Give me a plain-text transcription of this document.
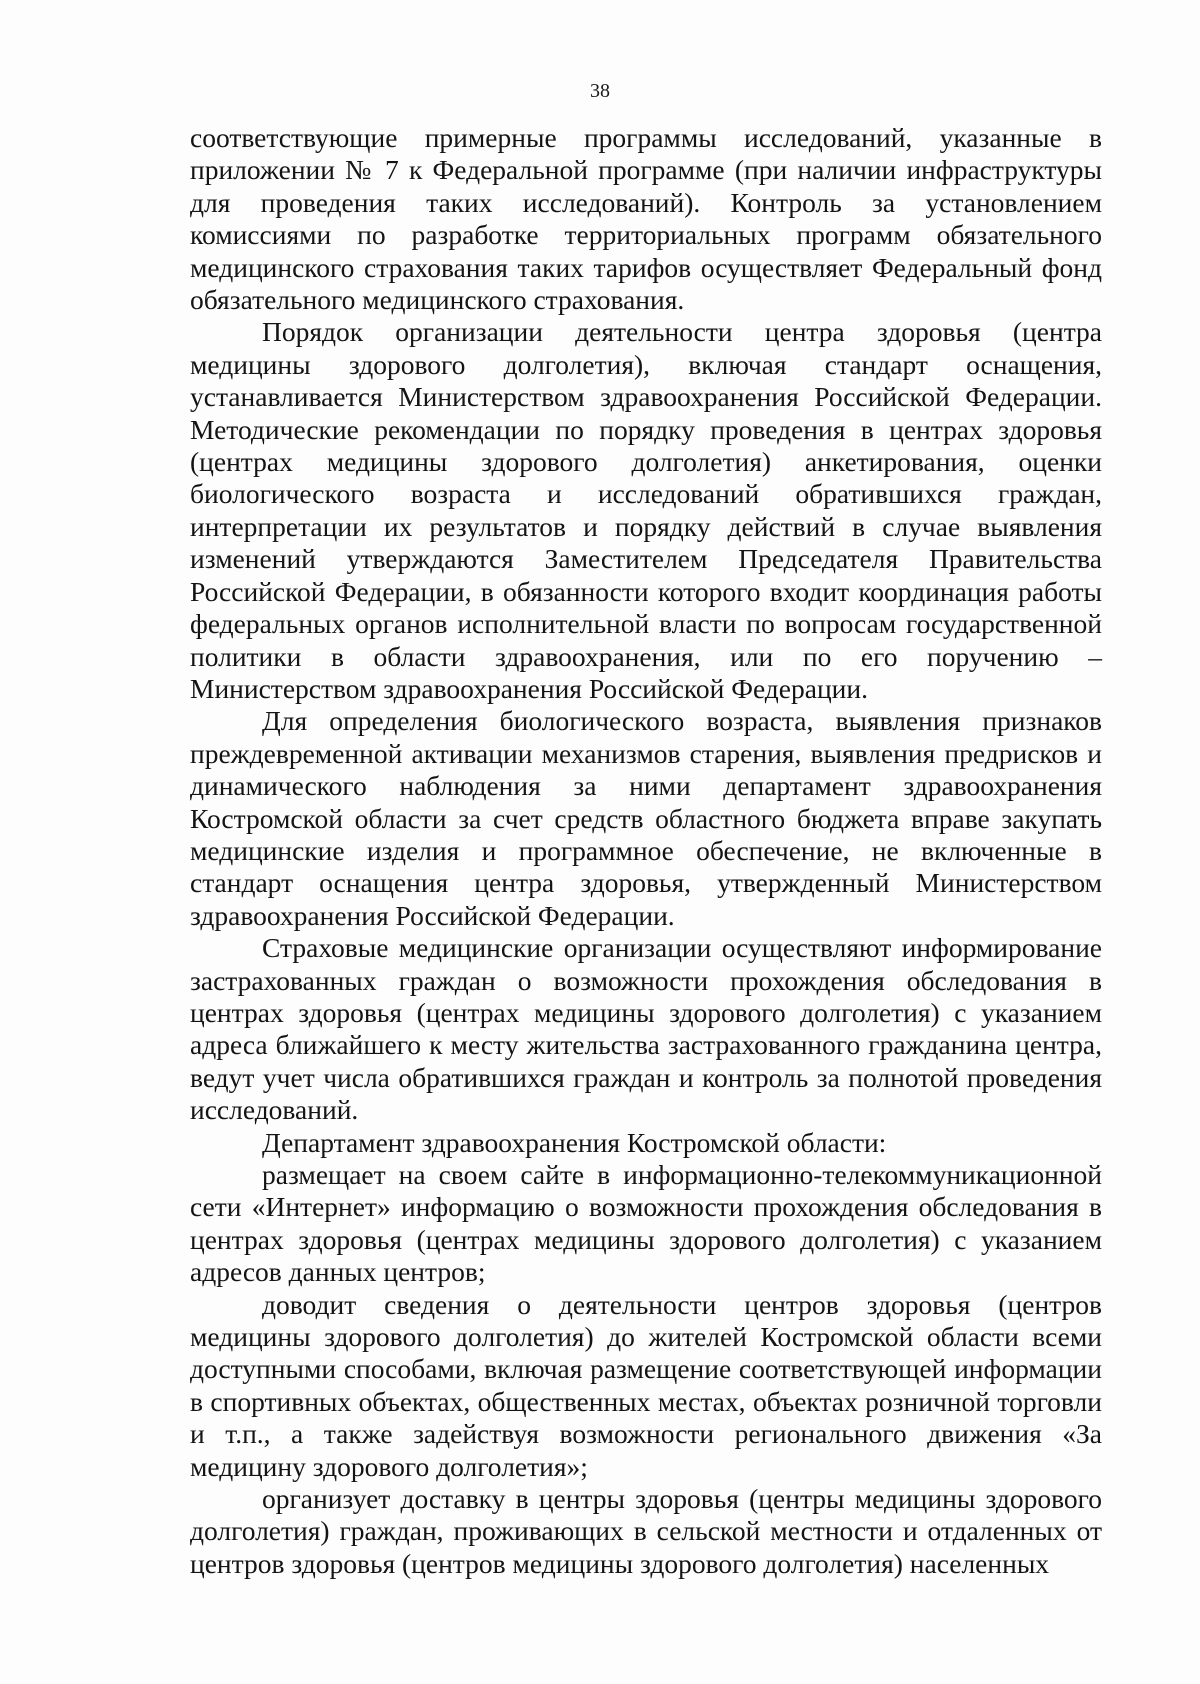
38

соответствующие примерные программы исследований, указанные в приложении № 7 к Федеральной программе (при наличии инфраструктуры для проведения таких исследований). Контроль за установлением комиссиями по разработке территориальных программ обязательного медицинского страхования таких тарифов осуществляет Федеральный фонд обязательного медицинского страхования.

Порядок организации деятельности центра здоровья (центра медицины здорового долголетия), включая стандарт оснащения, устанавливается Министерством здравоохранения Российской Федерации. Методические рекомендации по порядку проведения в центрах здоровья (центрах медицины здорового долголетия) анкетирования, оценки биологического возраста и исследований обратившихся граждан, интерпретации их результатов и порядку действий в случае выявления изменений утверждаются Заместителем Председателя Правительства Российской Федерации, в обязанности которого входит координация работы федеральных органов исполнительной власти по вопросам государственной политики в области здравоохранения, или по его поручению – Министерством здравоохранения Российской Федерации.

Для определения биологического возраста, выявления признаков преждевременной активации механизмов старения, выявления предрисков и динамического наблюдения за ними департамент здравоохранения Костромской области за счет средств областного бюджета вправе закупать медицинские изделия и программное обеспечение, не включенные в стандарт оснащения центра здоровья, утвержденный Министерством здравоохранения Российской Федерации.

Страховые медицинские организации осуществляют информирование застрахованных граждан о возможности прохождения обследования в центрах здоровья (центрах медицины здорового долголетия) с указанием адреса ближайшего к месту жительства застрахованного гражданина центра, ведут учет числа обратившихся граждан и контроль за полнотой проведения исследований.

Департамент здравоохранения Костромской области:

размещает на своем сайте в информационно-телекоммуникационной сети «Интернет» информацию о возможности прохождения обследования в центрах здоровья (центрах медицины здорового долголетия) с указанием адресов данных центров;

доводит сведения о деятельности центров здоровья (центров медицины здорового долголетия) до жителей Костромской области всеми доступными способами, включая размещение соответствующей информации в спортивных объектах, общественных местах, объектах розничной торговли и т.п., а также задействуя возможности регионального движения «За медицину здорового долголетия»;

организует доставку в центры здоровья (центры медицины здорового долголетия) граждан, проживающих в сельской местности и отдаленных от центров здоровья (центров медицины здорового долголетия) населенных
